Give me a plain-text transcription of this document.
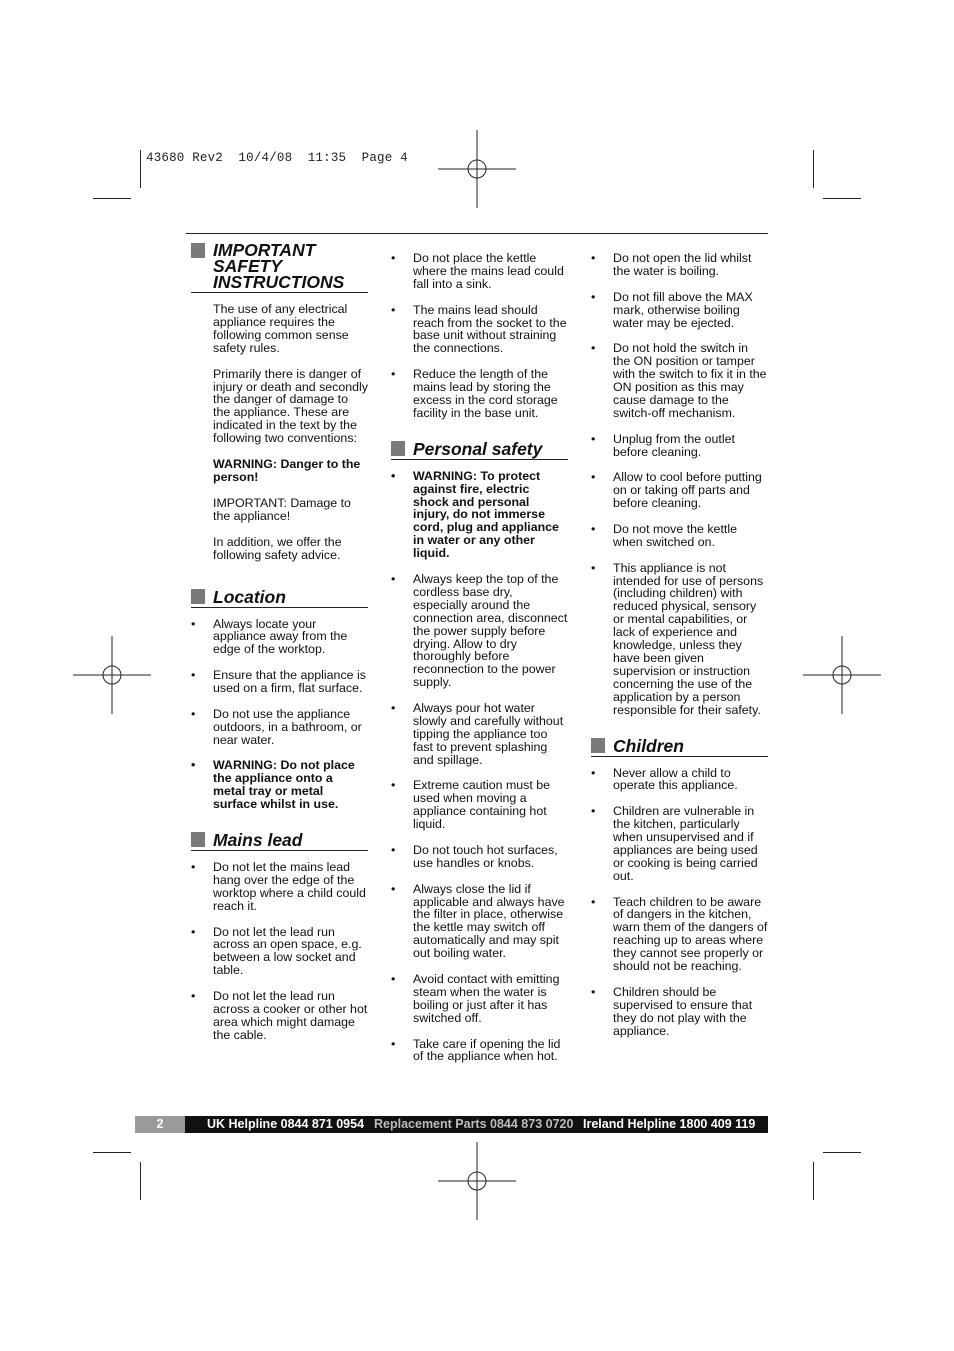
43680 Rev2  10/4/08  11:35  Page 4
IMPORTANT SAFETY INSTRUCTIONS

The use of any electrical appliance requires the following common sense safety rules.

Primarily there is danger of injury or death and secondly the danger of damage to the appliance. These are indicated in the text by the following two conventions:

WARNING: Danger to the person!

IMPORTANT: Damage to the appliance!

In addition, we offer the following safety advice.

Location
• Always locate your appliance away from the edge of the worktop.
• Ensure that the appliance is used on a firm, flat surface.
• Do not use the appliance outdoors, in a bathroom, or near water.
• WARNING: Do not place the appliance onto a metal tray or metal surface whilst in use.
Mains lead
• Do not let the mains lead hang over the edge of the worktop where a child could reach it.
• Do not let the lead run across an open space, e.g. between a low socket and table.
• Do not let the lead run across a cooker or other hot area which might damage the cable.
• Do not place the kettle where the mains lead could fall into a sink.
• The mains lead should reach from the socket to the base unit without straining the connections.
• Reduce the length of the mains lead by storing the excess in the cord storage facility in the base unit.
Personal safety
• WARNING: To protect against fire, electric shock and personal injury, do not immerse cord, plug and appliance in water or any other liquid.
• Always keep the top of the cordless base dry, especially around the connection area, disconnect the power supply before drying. Allow to dry thoroughly before reconnection to the power supply.
• Always pour hot water slowly and carefully without tipping the appliance too fast to prevent splashing and spillage.
• Extreme caution must be used when moving a appliance containing hot liquid.
• Do not touch hot surfaces, use handles or knobs.
• Always close the lid if applicable and always have the filter in place, otherwise the kettle may switch off automatically and may spit out boiling water.
• Avoid contact with emitting steam when the water is boiling or just after it has switched off.
• Take care if opening the lid of the appliance when hot.
• Do not open the lid whilst the water is boiling.
• Do not fill above the MAX mark, otherwise boiling water may be ejected.
• Do not hold the switch in the ON position or tamper with the switch to fix it in the ON position as this may cause damage to the switch-off mechanism.
• Unplug from the outlet before cleaning.
• Allow to cool before putting on or taking off parts and before cleaning.
• Do not move the kettle when switched on.
• This appliance is not intended for use of persons (including children) with reduced physical, sensory or mental capabilities, or lack of experience and knowledge, unless they have been given supervision or instruction concerning the use of the application by a person responsible for their safety.
Children
• Never allow a child to operate this appliance.
• Children are vulnerable in the kitchen, particularly when unsupervised and if appliances are being used or cooking is being carried out.
• Teach children to be aware of dangers in the kitchen, warn them of the dangers of reaching up to areas where they cannot see properly or should not be reaching.
• Children should be supervised to ensure that they do not play with the appliance.
2	UK Helpline 0844 871 0954 Replacement Parts 0844 873 0720 Ireland Helpline 1800 409 119
